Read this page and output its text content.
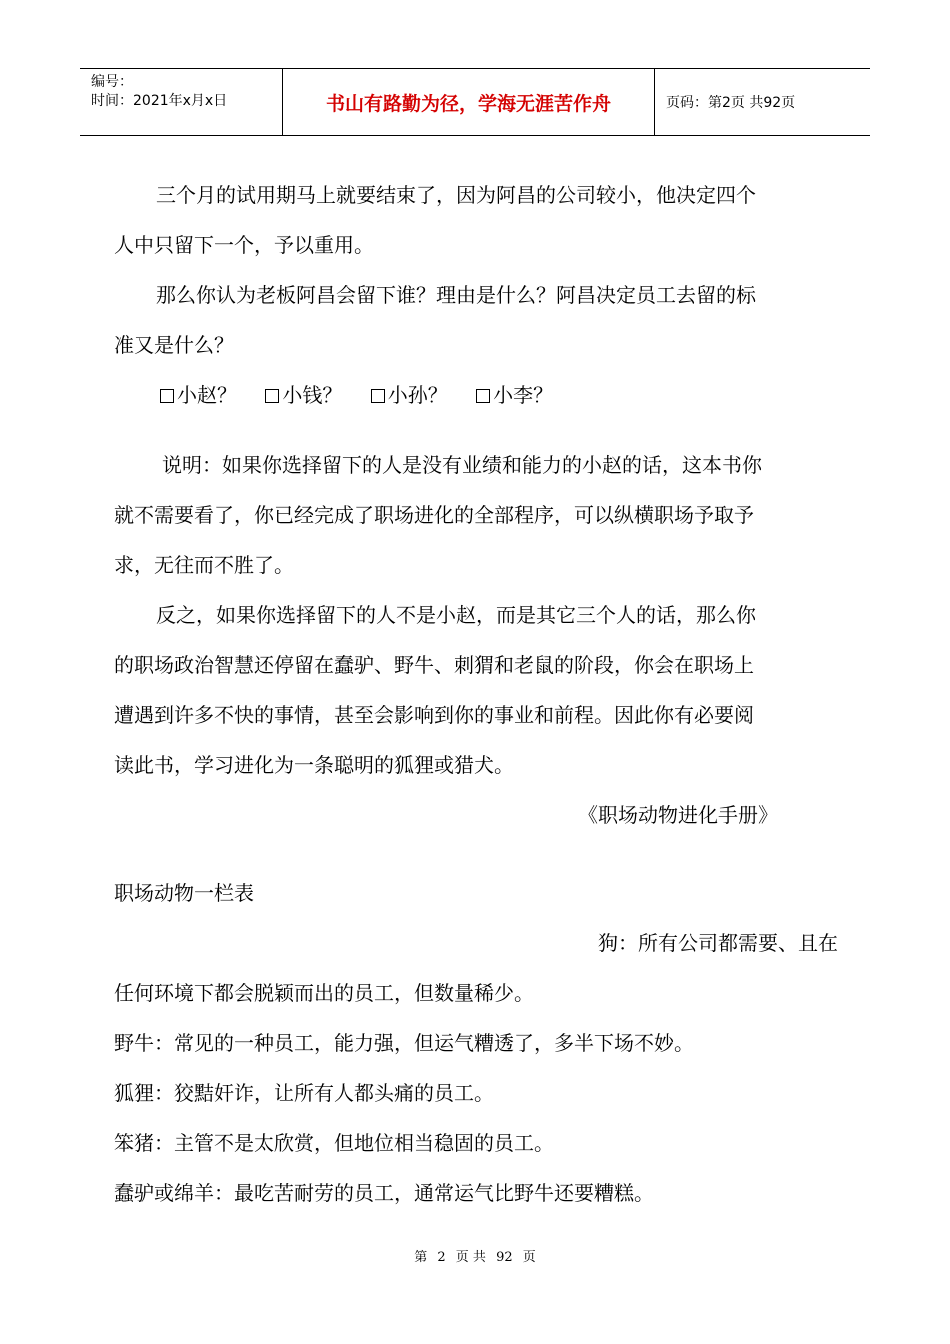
编号：
时间：2021年x月x日	书山有路勤为径，学海无涯苦作舟	页码：第2页 共92页

三个月的试用期马上就要结束了，因为阿昌的公司较小，他决定四个
人中只留下一个，予以重用。

那么你认为老板阿昌会留下谁？理由是什么？阿昌决定员工去留的标
准又是什么？

小赵？ 小钱？ 小孙？ 小李？

说明：如果你选择留下的人是没有业绩和能力的小赵的话，这本书你
就不需要看了，你已经完成了职场进化的全部程序，可以纵横职场予取予
求，无往而不胜了。

反之，如果你选择留下的人不是小赵，而是其它三个人的话，那么你
的职场政治智慧还停留在蠢驴、野牛、刺猬和老鼠的阶段，你会在职场上
遭遇到许多不快的事情，甚至会影响到你的事业和前程。因此你有必要阅
读此书，学习进化为一条聪明的狐狸或猎犬。

《职场动物进化手册》

职场动物一栏表

狗：所有公司都需要、且在

任何环境下都会脱颖而出的员工，但数量稀少。

野牛：常见的一种员工，能力强，但运气糟透了，多半下场不妙。

狐狸：狡黠奸诈，让所有人都头痛的员工。

笨猪：主管不是太欣赏，但地位相当稳固的员工。

蠢驴或绵羊：最吃苦耐劳的员工，通常运气比野牛还要糟糕。

第 2 页 共 92 页
